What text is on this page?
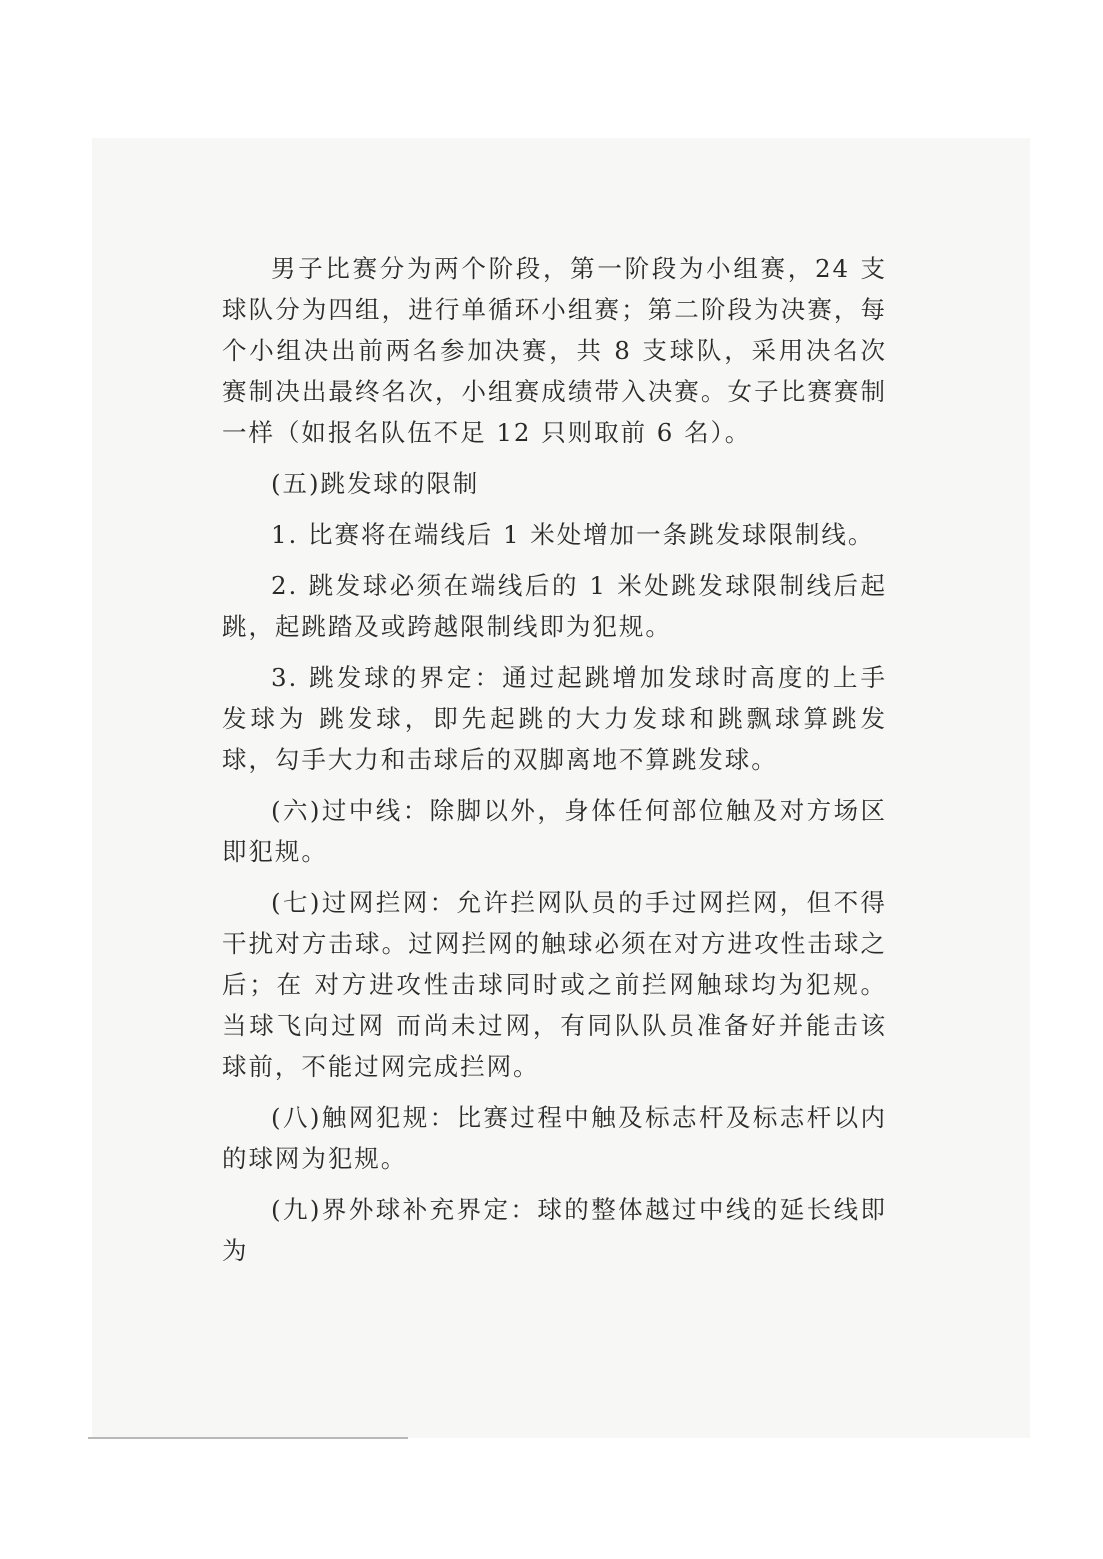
男子比赛分为两个阶段，第一阶段为小组赛，24 支球队分为四组，进行单循环小组赛；第二阶段为决赛，每个小组决出前两名参加决赛，共 8 支球队，采用决名次赛制决出最终名次，小组赛成绩带入决赛。女子比赛赛制一样（如报名队伍不足 12 只则取前 6 名）。

(五)跳发球的限制

1. 比赛将在端线后 1 米处增加一条跳发球限制线。

2. 跳发球必须在端线后的 1 米处跳发球限制线后起跳，起跳踏及或跨越限制线即为犯规。

3. 跳发球的界定：通过起跳增加发球时高度的上手发球为 跳发球，即先起跳的大力发球和跳飘球算跳发球，勾手大力和击球后的双脚离地不算跳发球。

(六)过中线：除脚以外，身体任何部位触及对方场区即犯规。

(七)过网拦网：允许拦网队员的手过网拦网，但不得干扰对方击球。过网拦网的触球必须在对方进攻性击球之后；在 对方进攻性击球同时或之前拦网触球均为犯规。当球飞向过网 而尚未过网，有同队队员准备好并能击该球前，不能过网完成拦网。

(八)触网犯规：比赛过程中触及标志杆及标志杆以内的球网为犯规。

(九)界外球补充界定：球的整体越过中线的延长线即为
